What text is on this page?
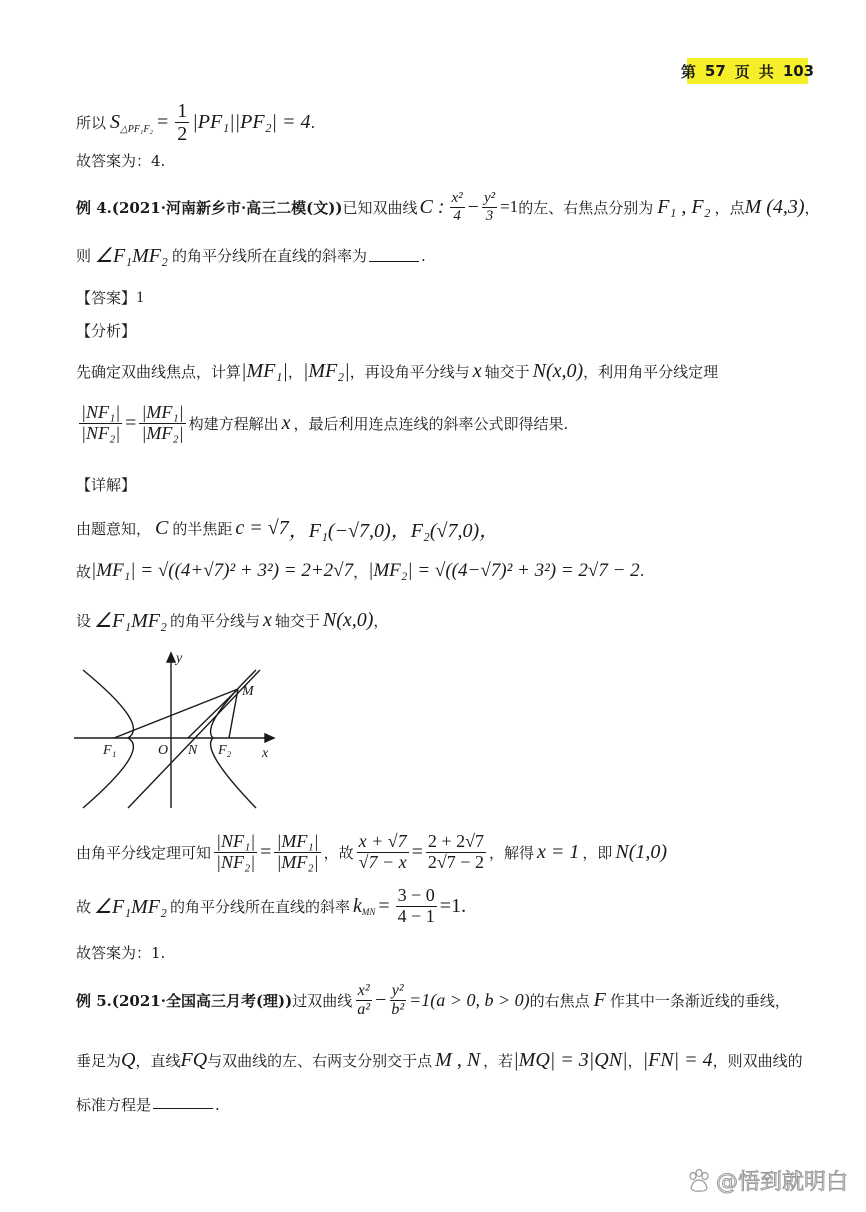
第 57 页 共 103
所以 $S_{\triangle PF_1F_2} = \frac{1}{2} |PF_1||PF_2| = 4$ .
故答案为：4.
例 4. (2021·河南新乡市·高三二模(文)) 已知双曲线 C : $\frac{\text{x²}}{4} - \frac{\text{y²}}{3} =1$ 的左、右焦点分别为 F₁ , F₂ ，点 M (4,3) ，
则 ∠F₁MF₂ 的角平分线所在直线的斜率为	.
【答案】 1
【分析】
先确定双曲线焦点，计算 |MF₁| ， |MF₂| ，再设角平分线与 x 轴交于 N(x,0) ，利用角平分线定理
$\frac{\text{|NF₁|}}{\text{|NF₂|}} = \frac{\text{|MF₁|}}{\text{|MF₂|}}$ 构建方程解出 x ，最后利用连点连线的斜率公式即得结果.
【详解】
由题意知， C 的半焦距 c = √7 ，F₁(−√7,0) ，F₂(√7,0)，
故 |MF₁| = √((4+√7)² + 3²) = 2+2√7 ， |MF₂| = √((4−√7)² + 3²) = 2√7 − 2 .
设 ∠F₁MF₂ 的角平分线与 x 轴交于 N(x,0) ，
y
x
O
F₁	F₂
N
M
由角平分线定理可知 $\frac{\text{|NF₁|}}{\text{|NF₂|}} = \frac{\text{|MF₁|}}{\text{|MF₂|}}$ ，故 $\frac{x + √7}{√7 - x} = \frac{2 + 2√7}{2√7 - 2}$ ，解得 x = 1 ，即 N(1,0)
故 ∠F₁MF₂ 的角平分线所在直线的斜率 $k_{MN} = \frac{3 - 0}{4 - 1} =1$.
故答案为：1.
例 5. (2021·全国高三月考(理)) 过双曲线 $\frac{\text{x²}}{\text{a²}} - \frac{\text{y²}}{\text{b²}} =1(a > 0$, b > 0) 的右焦点 F 作其中一条渐近线的垂线，
垂足为 Q ，直线 FQ 与双曲线的左、右两支分别交于点 M , N ，若 |MQ| = 3|QN| ， |FN| = 4 ，则双曲线的
标准方程是	.
@悟到就明白
